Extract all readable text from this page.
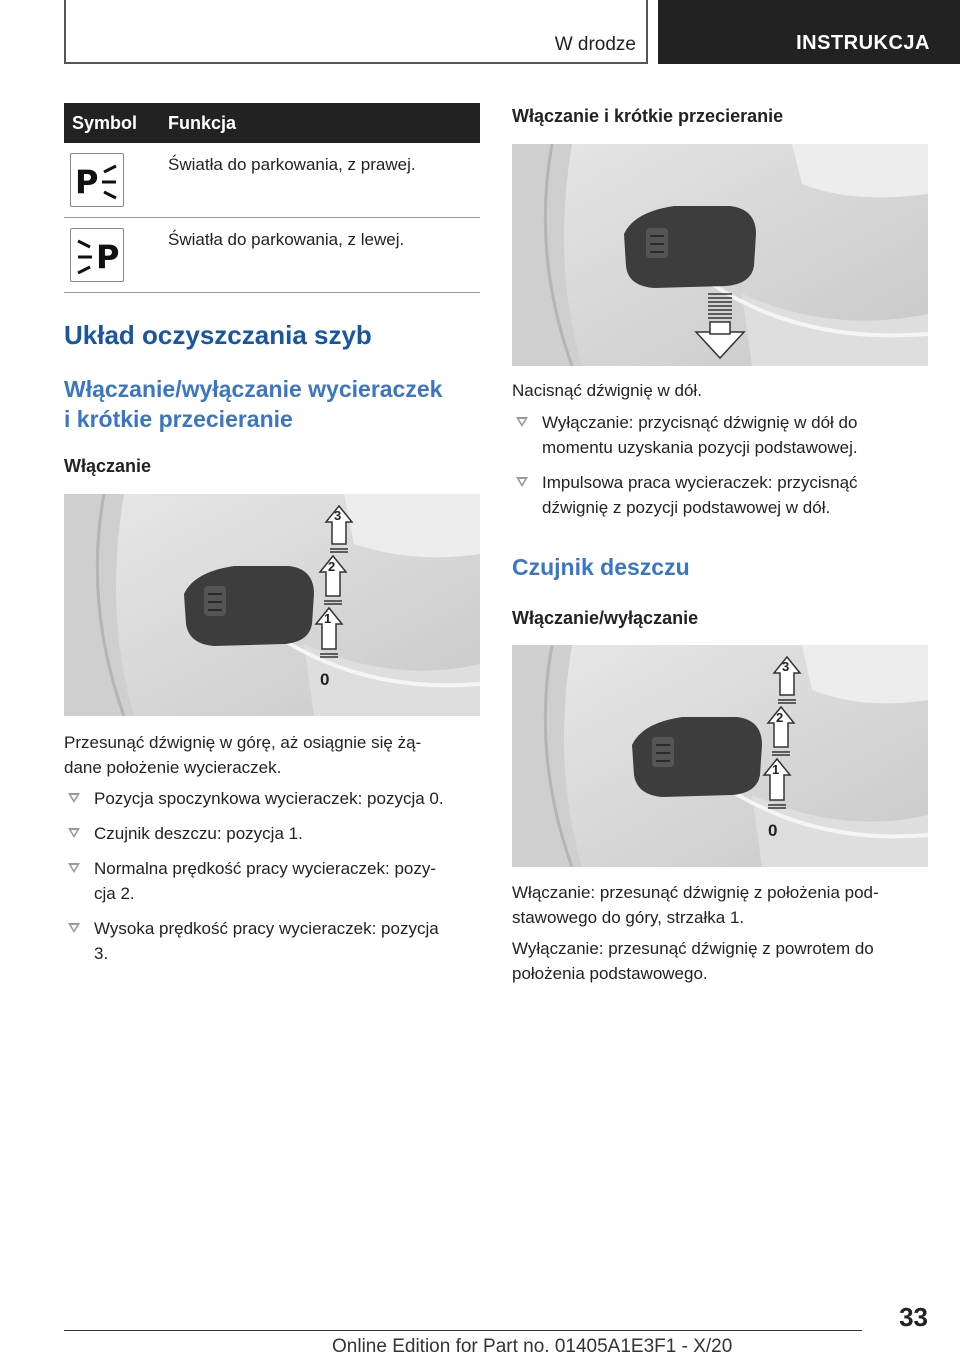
W drodze	INSTRUKCJA
Symbol	Funkcja

P	Światła do parkowania, z prawej.

P	Światła do parkowania, z lewej.
Układ oczyszczania szyb
Włączanie/wyłączanie wycieraczek
i krótkie przecieranie
Włączanie
3
2
1
0

Przesunąć dźwignię w górę, aż osiągnie się żą‐
dane położenie wycieraczek.

Pozycja spoczynkowa wycieraczek: pozycja 0.
Czujnik deszczu: pozycja 1.
Normalna prędkość pracy wycieraczek: pozy‐
cja 2.
Wysoka prędkość pracy wycieraczek: pozycja
3.
Włączanie i krótkie przecieranie

Nacisnąć dźwignię w dół.

Wyłączanie: przycisnąć dźwignię w dół do
momentu uzyskania pozycji podstawowej.
Impulsowa praca wycieraczek: przycisnąć
dźwignię z pozycji podstawowej w dół.
Czujnik deszczu
Włączanie/wyłączanie
3
2
1
0

Włączanie: przesunąć dźwignię z położenia pod‐
stawowego do góry, strzałka 1.

Wyłączanie: przesunąć dźwignię z powrotem do
położenia podstawowego.

33
Online Edition for Part no. 01405A1E3F1 - X/20
